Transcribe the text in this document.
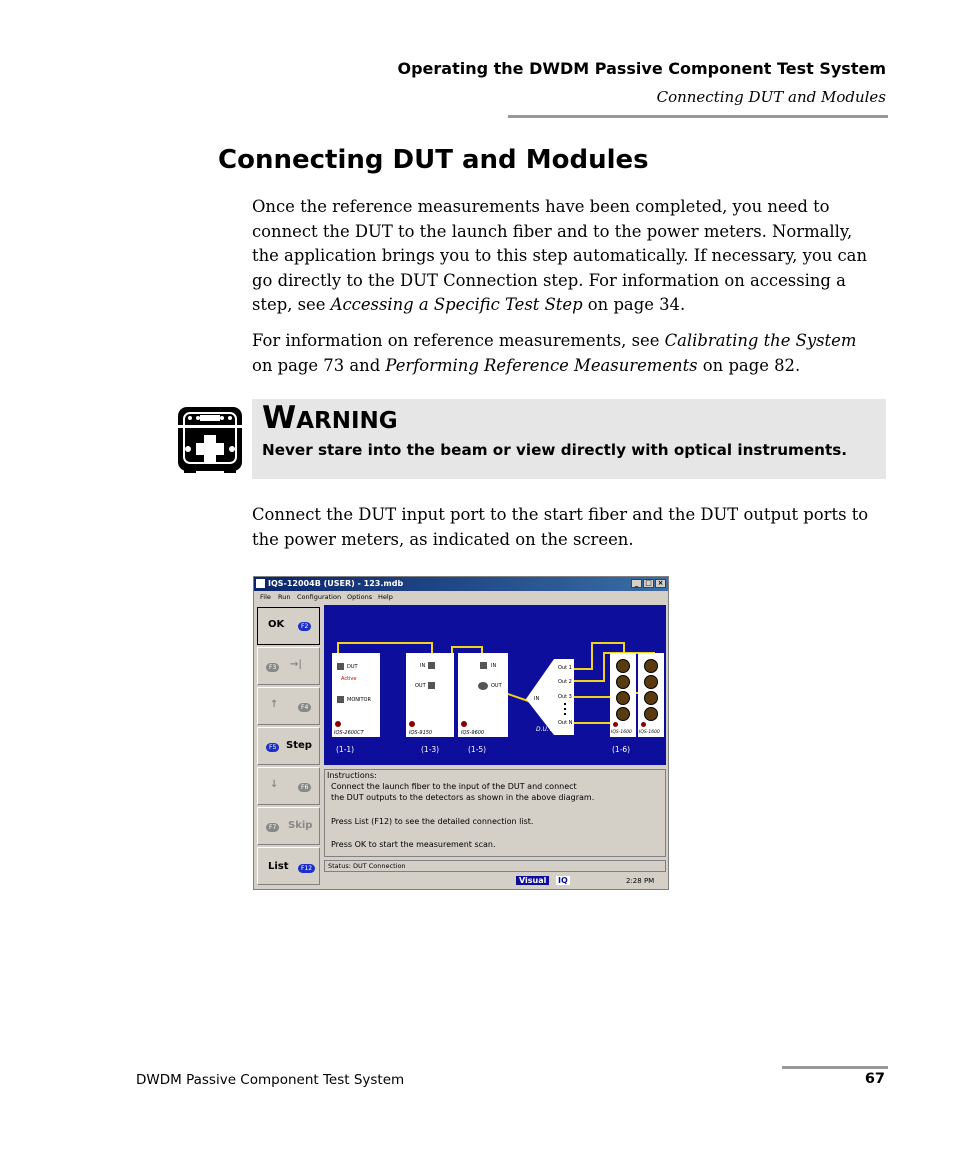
Operating the DWDM Passive Component Test System
Connecting DUT and Modules
Connecting DUT and Modules
Once the reference measurements have been completed, you need to connect the DUT to the launch fiber and to the power meters. Normally, the application brings you to this step automatically. If necessary, you can go directly to the DUT Connection step. For information on accessing a step, see Accessing a Specific Test Step on page 34.
For information on reference measurements, see Calibrating the System on page 73 and Performing Reference Measurements on page 82.
WARNING
Never stare into the beam or view directly with optical instruments.
Connect the DUT input port to the start fiber and the DUT output ports to the power meters, as indicated on the screen.
IQS-12004B (USER) - 123.mdb	_ □ ×
File Run Configuration Options Help
OK	F2
F3	→|
↑	F4
F5 Step
↓	F6
F7	Skip
List	F12
DUT
Active
MONITOR
IQS-2600CT
IN
OUT
IQS-9150
IN
OUT
IQS-9600
IN
Out 1
Out 2
Out 3
Out N
D.U.T.	IQS-1600 IQS-1600
(1-1)	(1-3)	(1-5)	(1-6)
Instructions:
Connect the launch fiber to the input of the DUT and connect
the DUT outputs to the detectors as shown in the above diagram.
Press List (F12) to see the detailed connection list.
Press OK to start the measurement scan.
Status: DUT Connection
Visual	IQ	2:28 PM
DWDM Passive Component Test System	67
